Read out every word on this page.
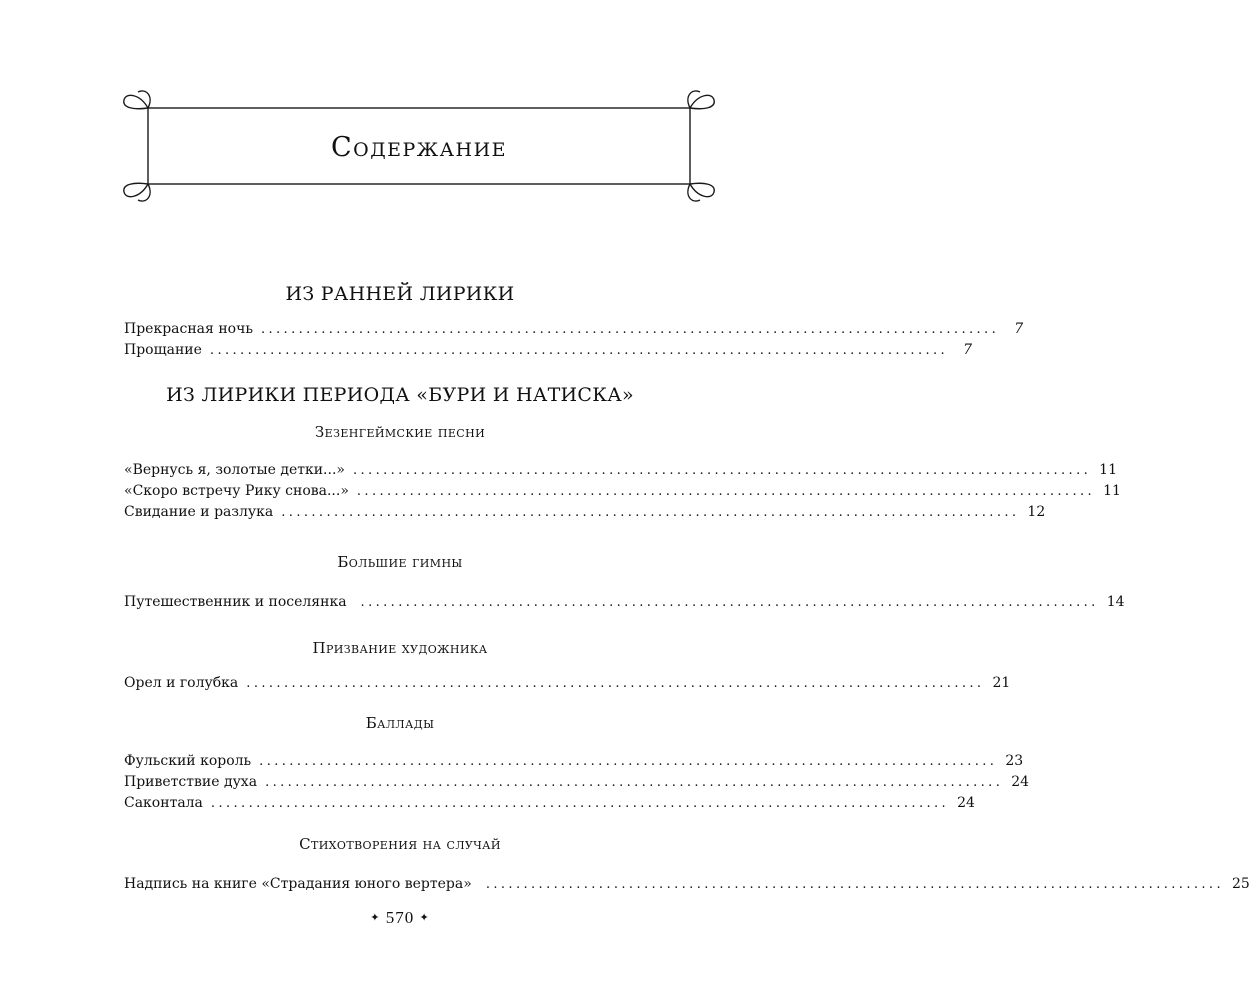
Содержание
ИЗ РАННЕЙ ЛИРИКИ
Прекрасная ночь ..................................................................................................	7
Прощание ..................................................................................................	7
ИЗ ЛИРИКИ ПЕРИОДА «БУРИ И НАТИСКА»
Зезенгеймские песни
«Вернусь я, золотые детки...» .................................................................................................. 11
«Скоро встречу Рику снова...» .................................................................................................. 11
Свидание и разлука .................................................................................................. 12
Большие гимны
Путешественник и поселянка .................................................................................................. 14
Призвание художника
Орел и голубка .................................................................................................. 21
Баллады
Фульский король .................................................................................................. 23
Приветствие духа .................................................................................................. 24
Саконтала .................................................................................................. 24
Стихотворения на случай
Надпись на книге «Страдания юного вертера» .................................................................................................. 25
✦ 570 ✦
